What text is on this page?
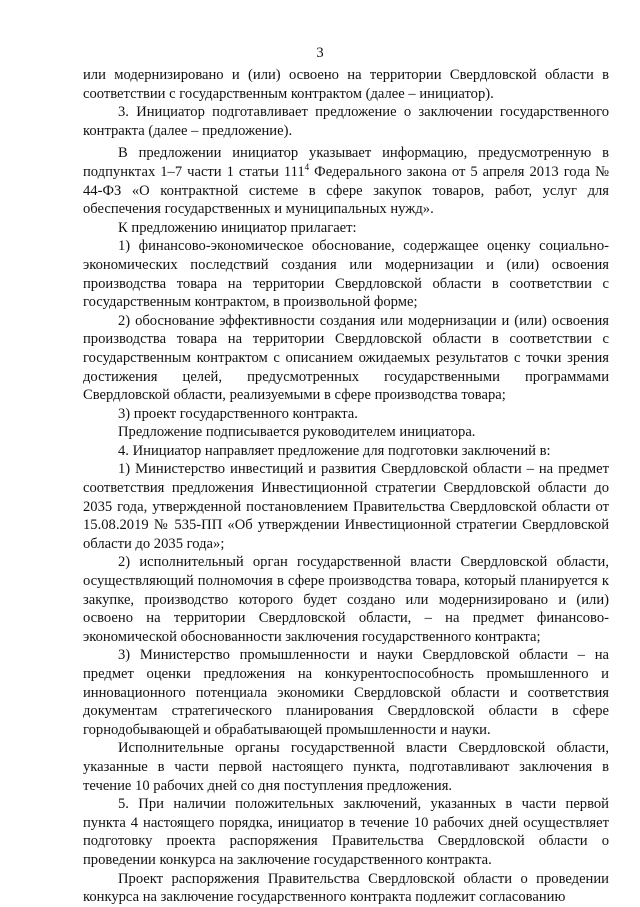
3

или модернизировано и (или) освоено на территории Свердловской области в соответствии с государственным контрактом (далее – инициатор).

3. Инициатор подготавливает предложение о заключении государственного контракта (далее – предложение).

В предложении инициатор указывает информацию, предусмотренную в подпунктах 1–7 части 1 статьи $111^4$ Федерального закона от 5 апреля 2013 года № 44-ФЗ «О контрактной системе в сфере закупок товаров, работ, услуг для обеспечения государственных и муниципальных нужд».

К предложению инициатор прилагает:

1) финансово-экономическое обоснование, содержащее оценку социально-экономических последствий создания или модернизации и (или) освоения производства товара на территории Свердловской области в соответствии с государственным контрактом, в произвольной форме;

2) обоснование эффективности создания или модернизации и (или) освоения производства товара на территории Свердловской области в соответствии с государственным контрактом с описанием ожидаемых результатов с точки зрения достижения целей, предусмотренных государственными программами Свердловской области, реализуемыми в сфере производства товара;

3) проект государственного контракта.

Предложение подписывается руководителем инициатора.

4. Инициатор направляет предложение для подготовки заключений в:

1) Министерство инвестиций и развития Свердловской области – на предмет соответствия предложения Инвестиционной стратегии Свердловской области до 2035 года, утвержденной постановлением Правительства Свердловской области от 15.08.2019 № 535-ПП «Об утверждении Инвестиционной стратегии Свердловской области до 2035 года»;

2) исполнительный орган государственной власти Свердловской области, осуществляющий полномочия в сфере производства товара, который планируется к закупке, производство которого будет создано или модернизировано и (или) освоено на территории Свердловской области, – на предмет финансово-экономической обоснованности заключения государственного контракта;

3) Министерство промышленности и науки Свердловской области – на предмет оценки предложения на конкурентоспособность промышленного и инновационного потенциала экономики Свердловской области и соответствия документам стратегического планирования Свердловской области в сфере горнодобывающей и обрабатывающей промышленности и науки.

Исполнительные органы государственной власти Свердловской области, указанные в части первой настоящего пункта, подготавливают заключения в течение 10 рабочих дней со дня поступления предложения.

5. При наличии положительных заключений, указанных в части первой пункта 4 настоящего порядка, инициатор в течение 10 рабочих дней осуществляет подготовку проекта распоряжения Правительства Свердловской области о проведении конкурса на заключение государственного контракта.

Проект распоряжения Правительства Свердловской области о проведении конкурса на заключение государственного контракта подлежит согласованию
